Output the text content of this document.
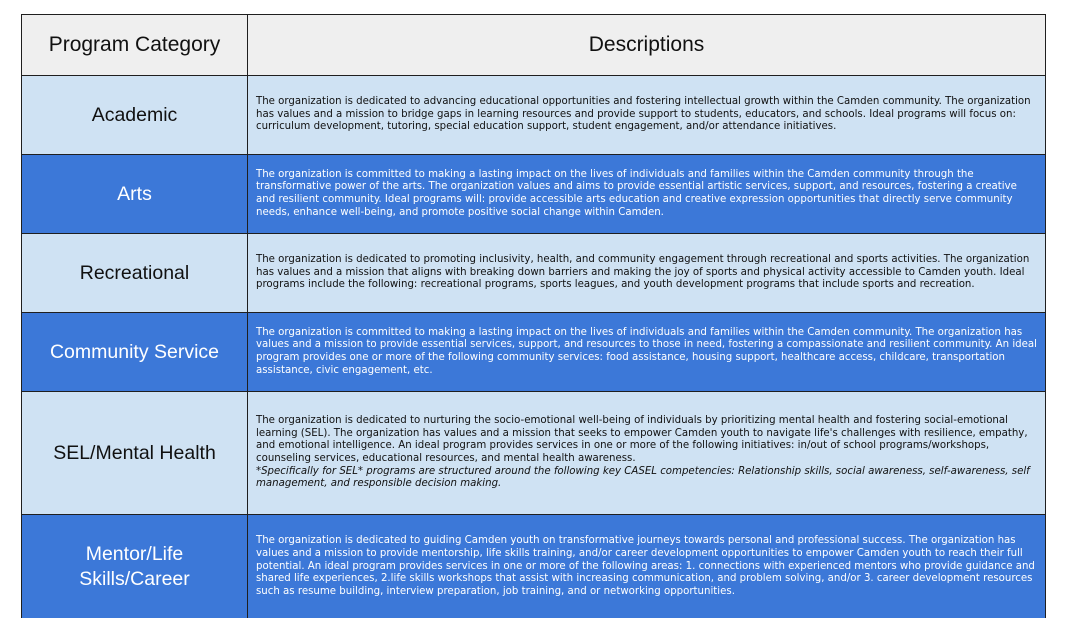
Program Category	Descriptions
Academic	The organization is dedicated to advancing educational opportunities and fostering intellectual growth within the Camden community. The organization has values and a mission to bridge gaps in learning resources and provide support to students, educators, and schools. Ideal programs will focus on: curriculum development, tutoring, special education support, student engagement, and/or attendance initiatives.
Arts	The organization is committed to making a lasting impact on the lives of individuals and families within the Camden community through the transformative power of the arts. The organization values and aims to provide essential artistic services, support, and resources, fostering a creative and resilient community. Ideal programs will: provide accessible arts education and creative expression opportunities that directly serve community needs, enhance well-being, and promote positive social change within Camden.
Recreational	The organization is dedicated to promoting inclusivity, health, and community engagement through recreational and sports activities. The organization has values and a mission that aligns with breaking down barriers and making the joy of sports and physical activity accessible to Camden youth. Ideal programs include the following: recreational programs, sports leagues, and youth development programs that include sports and recreation.
Community Service	The organization is committed to making a lasting impact on the lives of individuals and families within the Camden community. The organization has values and a mission to provide essential services, support, and resources to those in need, fostering a compassionate and resilient community. An ideal program provides one or more of the following community services: food assistance, housing support, healthcare access, childcare, transportation assistance, civic engagement, etc.
SEL/Mental Health	The organization is dedicated to nurturing the socio-emotional well-being of individuals by prioritizing mental health and fostering social-emotional learning (SEL). The organization has values and a mission that seeks to empower Camden youth to navigate life's challenges with resilience, empathy, and emotional intelligence. An ideal program provides services in one or more of the following initiatives: in/out of school programs/workshops, counseling services, educational resources, and mental health awareness.
*Specifically for SEL* programs are structured around the following key CASEL competencies: Relationship skills, social awareness, self-awareness, self management, and responsible decision making.
Mentor/Life Skills/Career	The organization is dedicated to guiding Camden youth on transformative journeys towards personal and professional success. The organization has values and a mission to provide mentorship, life skills training, and/or career development opportunities to empower Camden youth to reach their full potential. An ideal program provides services in one or more of the following areas: 1. connections with experienced mentors who provide guidance and shared life experiences, 2.life skills workshops that assist with increasing communication, and problem solving, and/or 3. career development resources such as resume building, interview preparation, job training, and or networking opportunities.
